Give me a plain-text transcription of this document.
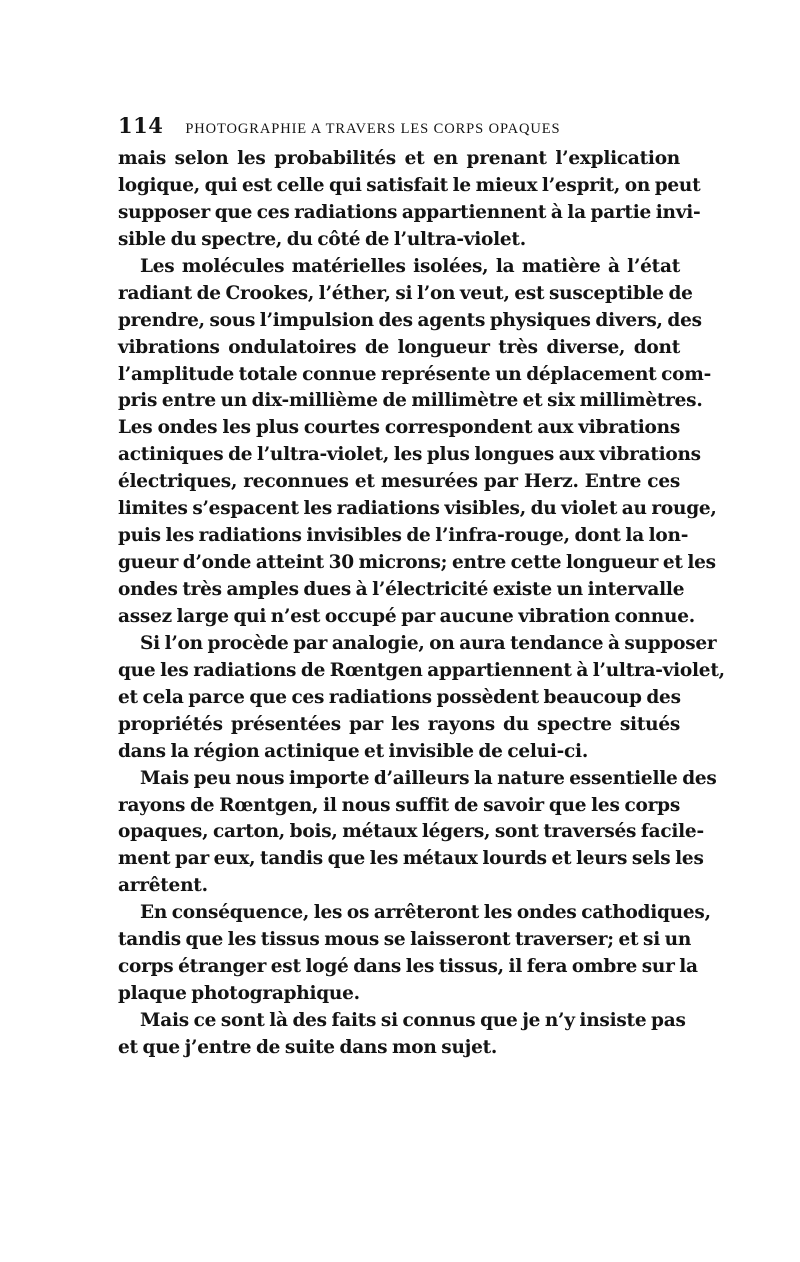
114 PHOTOGRAPHIE A TRAVERS LES CORPS OPAQUES
mais selon les probabilités et en prenant l’explication
logique, qui est celle qui satisfait le mieux l’esprit, on peut
supposer que ces radiations appartiennent à la partie invi-
sible du spectre, du côté de l’ultra-violet.
Les molécules matérielles isolées, la matière à l’état
radiant de Crookes, l’éther, si l’on veut, est susceptible de
prendre, sous l’impulsion des agents physiques divers, des
vibrations ondulatoires de longueur très diverse, dont
l’amplitude totale connue représente un déplacement com-
pris entre un dix-millième de millimètre et six millimètres.
Les ondes les plus courtes correspondent aux vibrations
actiniques de l’ultra-violet, les plus longues aux vibrations
électriques, reconnues et mesurées par Herz. Entre ces
limites s’espacent les radiations visibles, du violet au rouge,
puis les radiations invisibles de l’infra-rouge, dont la lon-
gueur d’onde atteint 30 microns; entre cette longueur et les
ondes très amples dues à l’électricité existe un intervalle
assez large qui n’est occupé par aucune vibration connue.
Si l’on procède par analogie, on aura tendance à supposer
que les radiations de Rœntgen appartiennent à l’ultra-violet,
et cela parce que ces radiations possèdent beaucoup des
propriétés présentées par les rayons du spectre situés
dans la région actinique et invisible de celui-ci.
Mais peu nous importe d’ailleurs la nature essentielle des
rayons de Rœntgen, il nous suffit de savoir que les corps
opaques, carton, bois, métaux légers, sont traversés facile-
ment par eux, tandis que les métaux lourds et leurs sels les
arrêtent.
En conséquence, les os arrêteront les ondes cathodiques,
tandis que les tissus mous se laisseront traverser; et si un
corps étranger est logé dans les tissus, il fera ombre sur la
plaque photographique.
Mais ce sont là des faits si connus que je n’y insiste pas
et que j’entre de suite dans mon sujet.
